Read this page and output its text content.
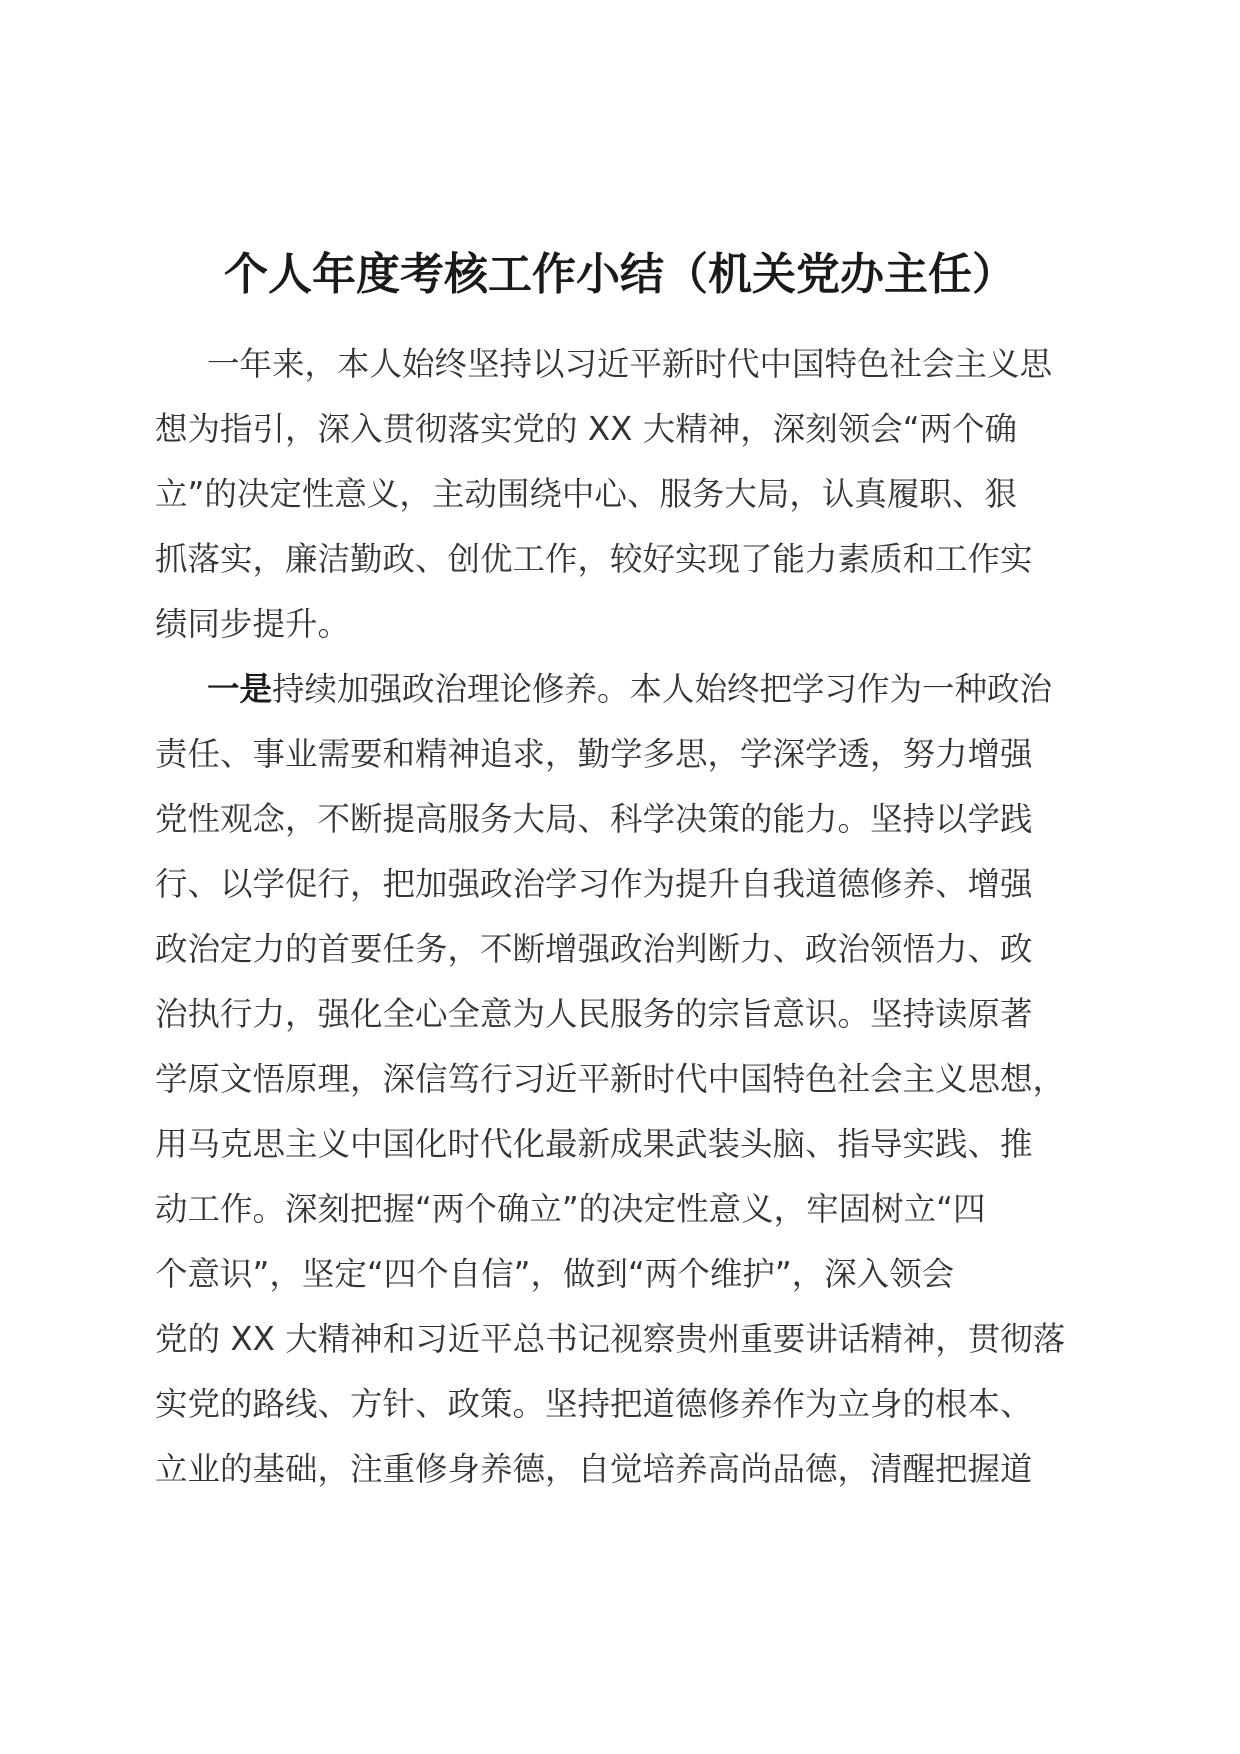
个人年度考核工作小结（机关党办主任）
一年来，本人始终坚持以习近平新时代中国特色社会主义思
想为指引，深入贯彻落实党的 XX 大精神，深刻领会“两个确
立”的决定性意义，主动围绕中心、服务大局，认真履职、狠
抓落实，廉洁勤政、创优工作，较好实现了能力素质和工作实
绩同步提升。
一是持续加强政治理论修养。本人始终把学习作为一种政治
责任、事业需要和精神追求，勤学多思，学深学透，努力增强
党性观念，不断提高服务大局、科学决策的能力。坚持以学践
行、以学促行，把加强政治学习作为提升自我道德修养、增强
政治定力的首要任务，不断增强政治判断力、政治领悟力、政
治执行力，强化全心全意为人民服务的宗旨意识。坚持读原著
学原文悟原理，深信笃行习近平新时代中国特色社会主义思想，
用马克思主义中国化时代化最新成果武装头脑、指导实践、推
动工作。深刻把握“两个确立”的决定性意义，牢固树立“四
个意识”，坚定“四个自信”，做到“两个维护”，深入领会
党的 XX 大精神和习近平总书记视察贵州重要讲话精神，贯彻落
实党的路线、方针、政策。坚持把道德修养作为立身的根本、
立业的基础，注重修身养德，自觉培养高尚品德，清醒把握道
